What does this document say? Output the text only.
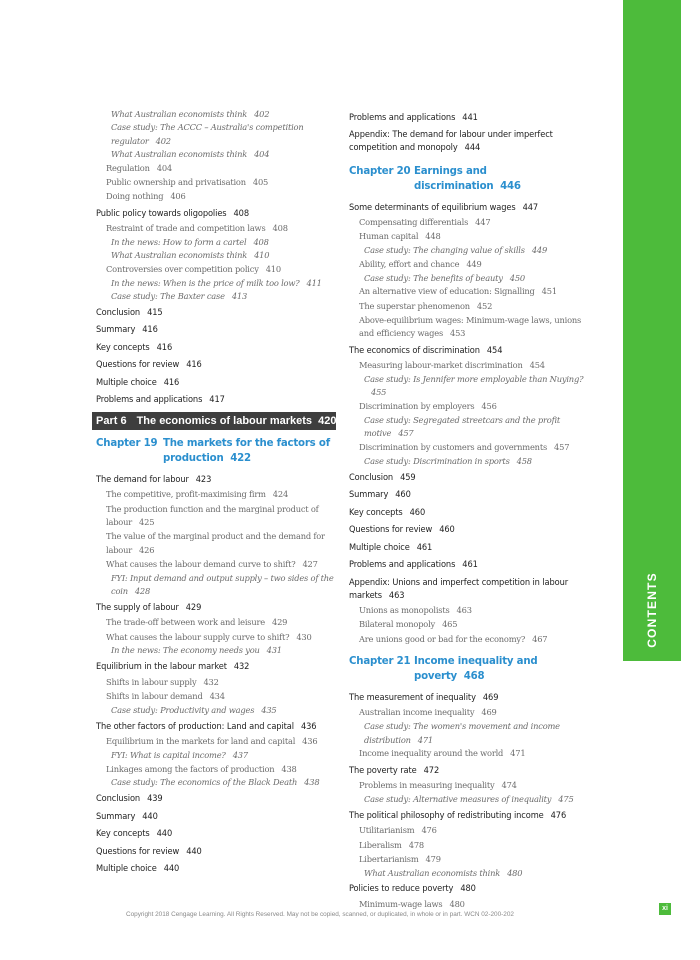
CONTENTS
What Australian economists think 402
Case study: The ACCC – Australia's competition regulator 402
What Australian economists think 404
Regulation 404
Public ownership and privatisation 405
Doing nothing 406
Public policy towards oligopolies 408
Restraint of trade and competition laws 408
In the news: How to form a cartel 408
What Australian economists think 410
Controversies over competition policy 410
In the news: When is the price of milk too low? 411
Case study: The Baxter case 413
Conclusion 415
Summary 416
Key concepts 416
Questions for review 416
Multiple choice 416
Problems and applications 417
Part 6 The economics of labour markets 420
Chapter 19 The markets for the factors of production 422
The demand for labour 423
The competitive, profit-maximising firm 424
The production function and the marginal product of labour 425
The value of the marginal product and the demand for labour 426
What causes the labour demand curve to shift? 427
FYI: Input demand and output supply – two sides of the coin 428
The supply of labour 429
The trade-off between work and leisure 429
What causes the labour supply curve to shift? 430
In the news: The economy needs you 431
Equilibrium in the labour market 432
Shifts in labour supply 432
Shifts in labour demand 434
Case study: Productivity and wages 435
The other factors of production: Land and capital 436
Equilibrium in the markets for land and capital 436
FYI: What is capital income? 437
Linkages among the factors of production 438
Case study: The economics of the Black Death 438
Conclusion 439
Summary 440
Key concepts 440
Questions for review 440
Multiple choice 440
Problems and applications 441
Appendix: The demand for labour under imperfect competition and monopoly 444
Chapter 20 Earnings and discrimination 446
Some determinants of equilibrium wages 447
Compensating differentials 447
Human capital 448
Case study: The changing value of skills 449
Ability, effort and chance 449
Case study: The benefits of beauty 450
An alternative view of education: Signalling 451
The superstar phenomenon 452
Above-equilibrium wages: Minimum-wage laws, unions and efficiency wages 453
The economics of discrimination 454
Measuring labour-market discrimination 454
Case study: Is Jennifer more employable than Nuying?455
Discrimination by employers 456
Case study: Segregated streetcars and the profit motive 457
Discrimination by customers and governments 457
Case study: Discrimination in sports 458
Conclusion 459
Summary 460
Key concepts 460
Questions for review 460
Multiple choice 461
Problems and applications 461
Appendix: Unions and imperfect competition in labour markets 463
Unions as monopolists 463
Bilateral monopoly 465
Are unions good or bad for the economy? 467
Chapter 21 Income inequality and poverty 468
The measurement of inequality 469
Australian income inequality 469
Case study: The women's movement and income distribution 471
Income inequality around the world 471
The poverty rate 472
Problems in measuring inequality 474
Case study: Alternative measures of inequality 475
The political philosophy of redistributing income 476
Utilitarianism 476
Liberalism 478
Libertarianism 479
What Australian economists think 480
Policies to reduce poverty 480
Minimum-wage laws 480
Copyright 2018 Cengage Learning. All Rights Reserved. May not be copied, scanned, or duplicated, in whole or in part. WCN 02-200-202
xi
